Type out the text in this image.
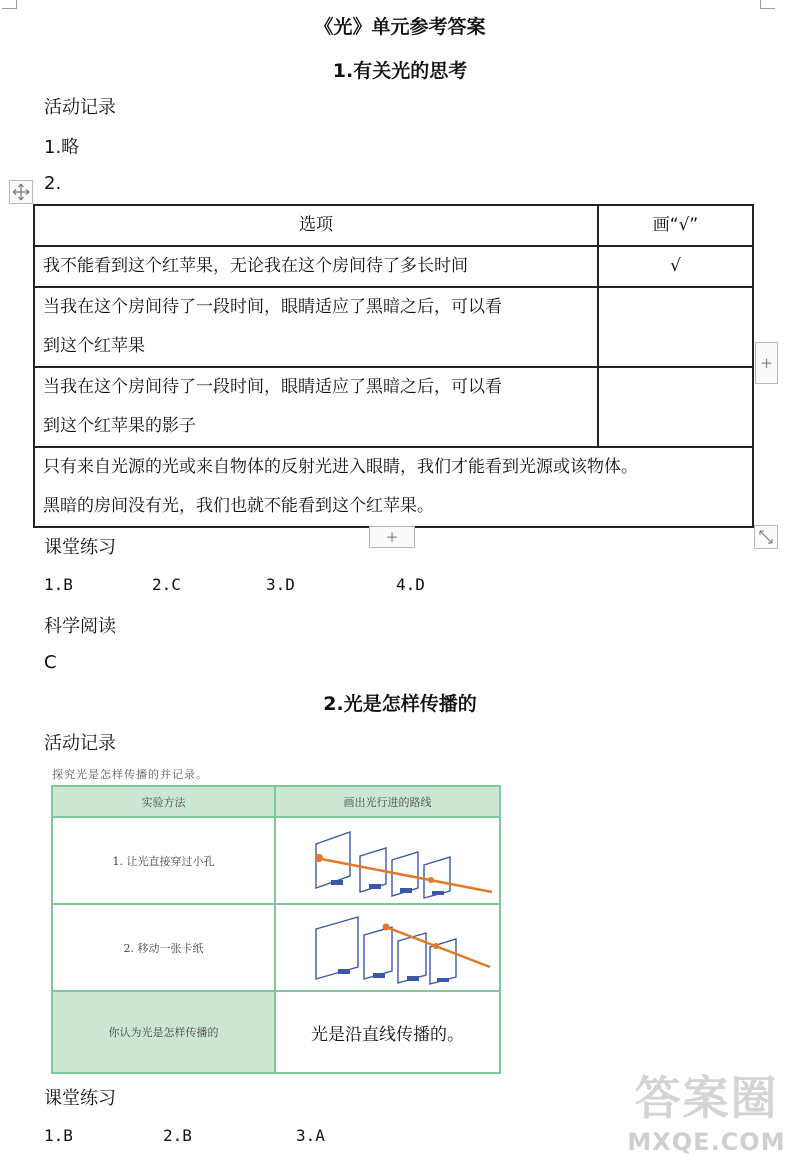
《光》单元参考答案
1.有关光的思考
活动记录
1.略
2.
选项	画“√”
我不能看到这个红苹果，无论我在这个房间待了多长时间	√

当我在这个房间待了一段时间，眼睛适应了黑暗之后，可以看
到这个红苹果	

当我在这个房间待了一段时间，眼睛适应了黑暗之后，可以看
到这个红苹果的影子	

只有来自光源的光或来自物体的反射光进入眼睛，我们才能看到光源或该物体。
黑暗的房间没有光，我们也就不能看到这个红苹果。	
+
+
课堂练习
1.B	2.C	3.D	4.D
科学阅读
C
2.光是怎样传播的
活动记录
探究光是怎样传播的并记录。
实验方法	画出光行进的路线
1. 让光直接穿过小孔	
2. 移动一张卡纸	
你认为光是怎样传播的	光是沿直线传播的。
课堂练习
1.B	2.B	3.A
答案圈
MXQE.COM
